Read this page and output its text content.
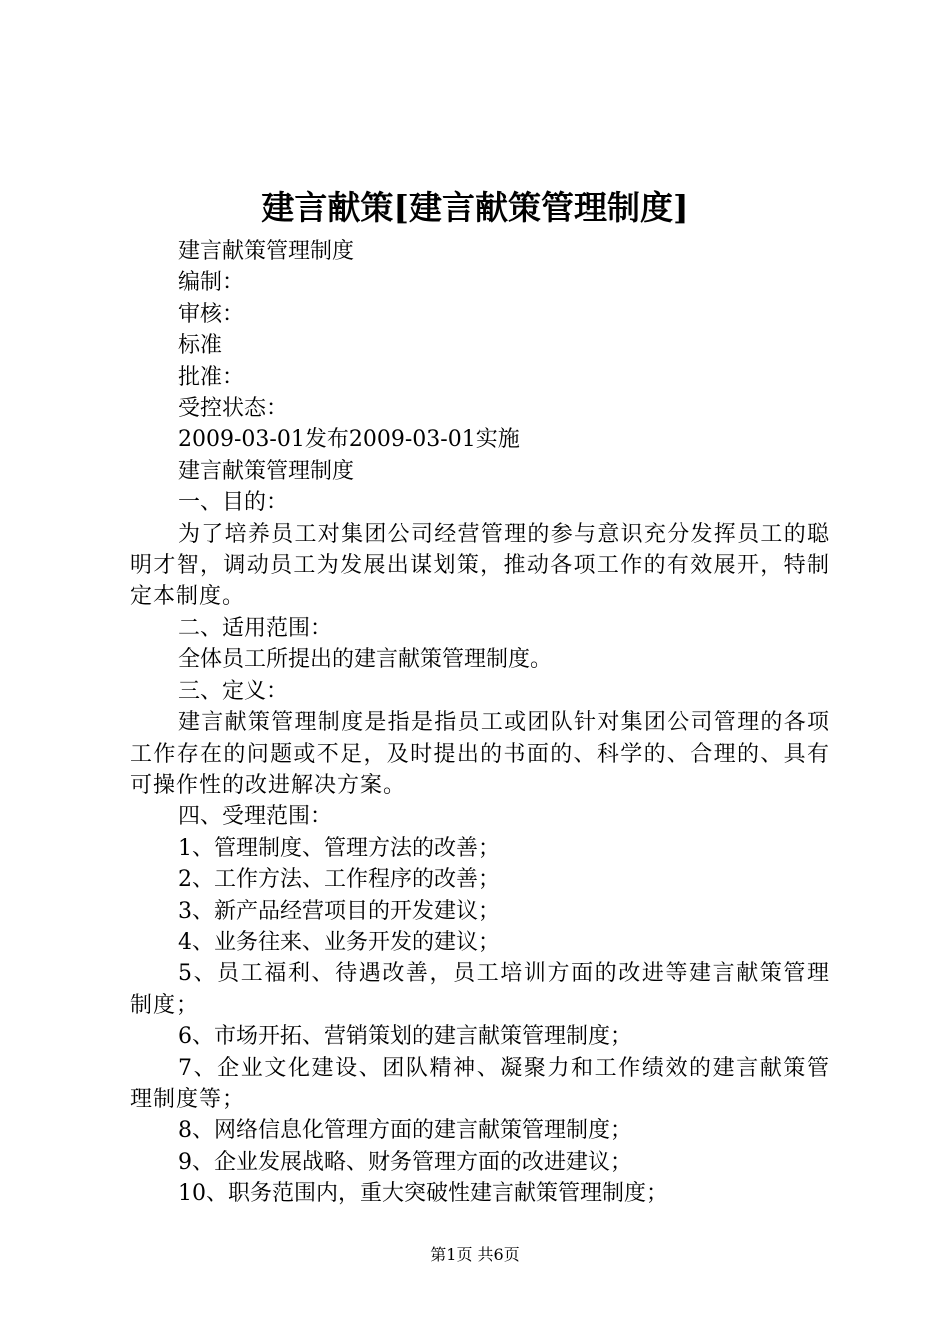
建言献策[建言献策管理制度]
建言献策管理制度
编制：
审核：
标准
批准：
受控状态：
2009-03-01发布2009-03-01实施
建言献策管理制度
一、目的：
为了培养员工对集团公司经营管理的参与意识充分发挥员工的聪明才智，调动员工为发展出谋划策，推动各项工作的有效展开，特制定本制度。
二、适用范围：
全体员工所提出的建言献策管理制度。
三、定义：
建言献策管理制度是指是指员工或团队针对集团公司管理的各项工作存在的问题或不足，及时提出的书面的、科学的、合理的、具有可操作性的改进解决方案。
四、受理范围：
1、管理制度、管理方法的改善；
2、工作方法、工作程序的改善；
3、新产品经营项目的开发建议；
4、业务往来、业务开发的建议；
5、员工福利、待遇改善，员工培训方面的改进等建言献策管理制度；
6、市场开拓、营销策划的建言献策管理制度；
7、企业文化建设、团队精神、凝聚力和工作绩效的建言献策管理制度等；
8、网络信息化管理方面的建言献策管理制度；
9、企业发展战略、财务管理方面的改进建议；
10、职务范围内，重大突破性建言献策管理制度；
第1页 共6页
